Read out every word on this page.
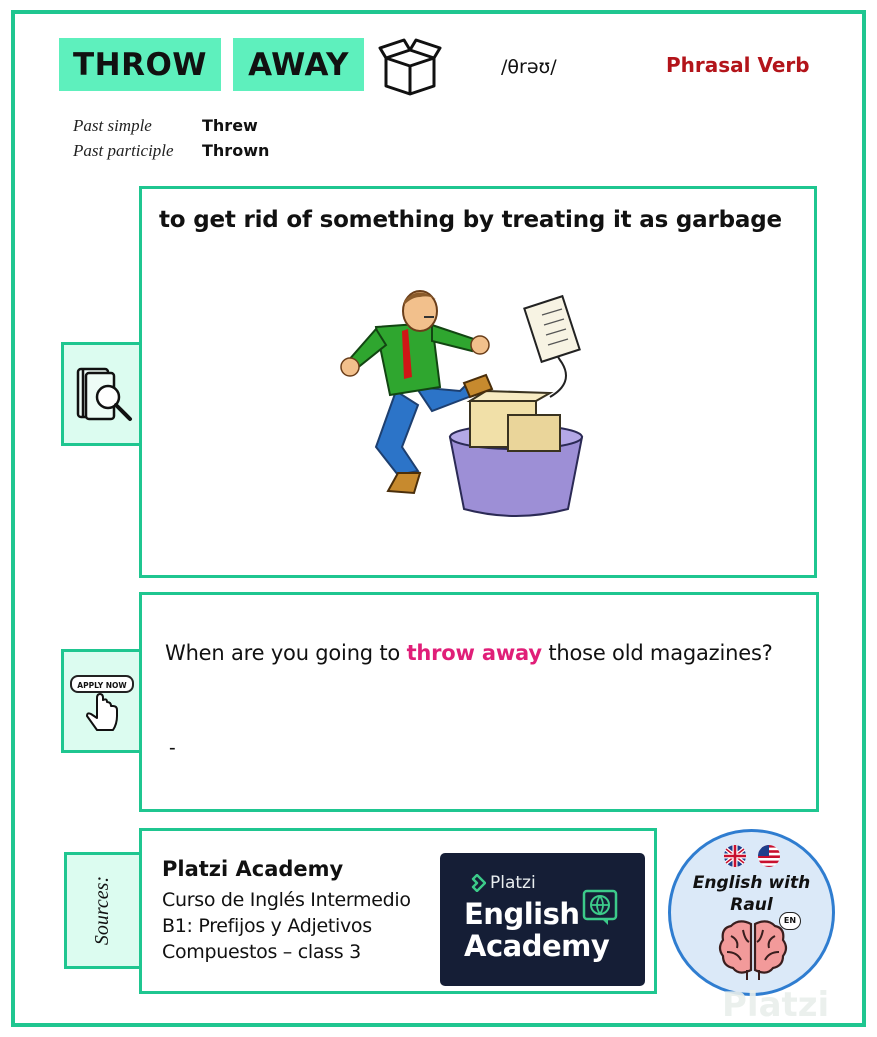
THROW	AWAY	/θrəʊ/	Phrasal Verb
Past simple	Threw
Past participle	Thrown
to get rid of something by treating it as garbage
APPLY NOW
When are you going to throw away those old magazines?
-
Sources:
Platzi Academy
Curso de Inglés Intermedio
B1: Prefijos y Adjetivos
Compuestos – class 3
Platzi
English
Academy
English with
Raul
EN
Platzi
